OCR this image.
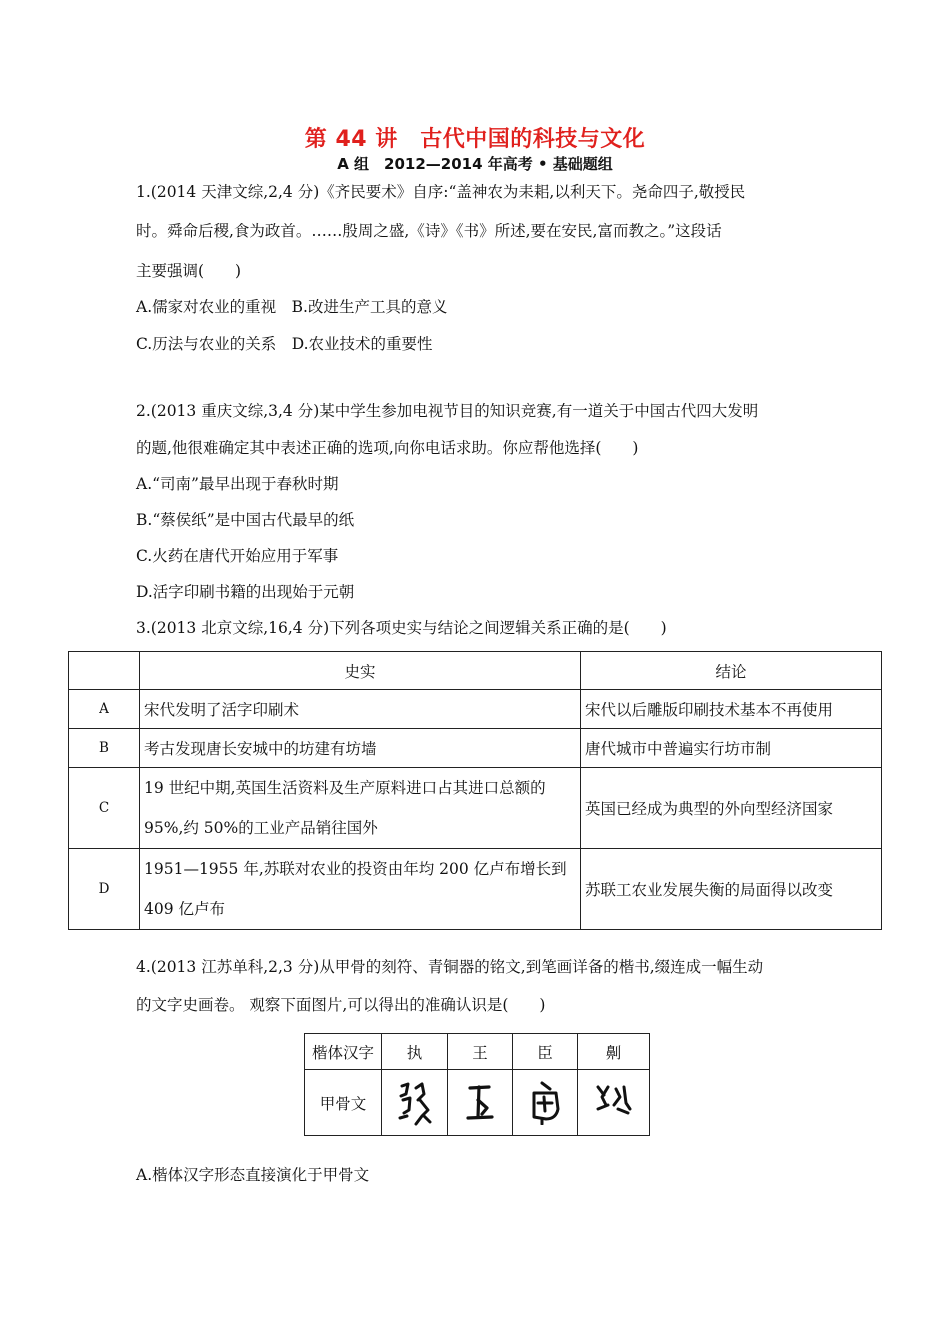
第 44 讲　古代中国的科技与文化
A 组　2012—2014 年高考 • 基础题组
1.(2014 天津文综,2,4 分)《齐民要术》自序:“盖神农为耒耜,以利天下。尧命四子,敬授民
时。舜命后稷,食为政首。……殷周之盛,《诗》《书》所述,要在安民,富而教之。”这段话
主要强调(　　)
A.儒家对农业的重视　B.改进生产工具的意义
C.历法与农业的关系　D.农业技术的重要性
2.(2013 重庆文综,3,4 分)某中学生参加电视节目的知识竞赛,有一道关于中国古代四大发明
的题,他很难确定其中表述正确的选项,向你电话求助。你应帮他选择(　　)
A.“司南”最早出现于春秋时期
B.“蔡侯纸”是中国古代最早的纸
C.火药在唐代开始应用于军事
D.活字印刷书籍的出现始于元朝
3.(2013 北京文综,16,4 分)下列各项史实与结论之间逻辑关系正确的是(　　)
	史实	结论
A	宋代发明了活字印刷术	宋代以后雕版印刷技术基本不再使用
B	考古发现唐长安城中的坊建有坊墙	唐代城市中普遍实行坊市制
C	19 世纪中期,英国生活资料及生产原料进口占其进口总额的 95%,约 50%的工业产品销往国外	英国已经成为典型的外向型经济国家
D	1951—1955 年,苏联对农业的投资由年均 200 亿卢布增长到 409 亿卢布	苏联工农业发展失衡的局面得以改变
4.(2013 江苏单科,2,3 分)从甲骨的刻符、青铜器的铭文,到笔画详备的楷书,缀连成一幅生动
的文字史画卷。 观察下面图片,可以得出的准确认识是(　　)
楷体汉字	执	王	臣	劓
甲骨文	

A.楷体汉字形态直接演化于甲骨文
